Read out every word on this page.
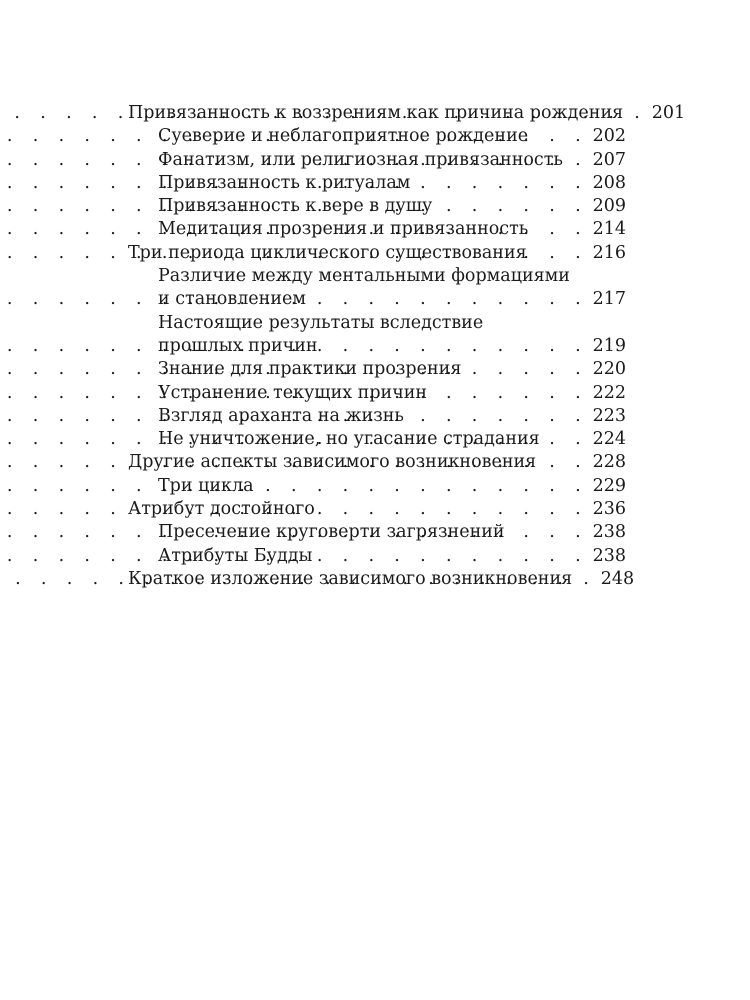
Привязанность к воззрениям как причина рождения . . . 201
Суеверие и неблагоприятное рождение . . .	202
Фанатизм, или религиозная привязанность . . . 207
Привязанность к ритуалам . . .	208
Привязанность к вере в душу . . .	209
Медитация прозрения и привязанность . . .	214
Три периода циклического существования . . .	216
Различие между ментальными формациями
и становлением . . .	217
Настоящие результаты вследствие
прошлых причин . . .	219
Знание для практики прозрения . . .	220
Устранение текущих причин . . .	222
Взгляд араханта на жизнь . . .	223
Не уничтожение, но угасание страдания . . .	224
Другие аспекты зависимого возникновения . . .	228
Три цикла . . .	229
Атрибут достойного . . .	236
Пресечение круговерти загрязнений . . .	238
Атрибуты Будды . . .	238
Краткое изложение зависимого возникновения . . . 248
